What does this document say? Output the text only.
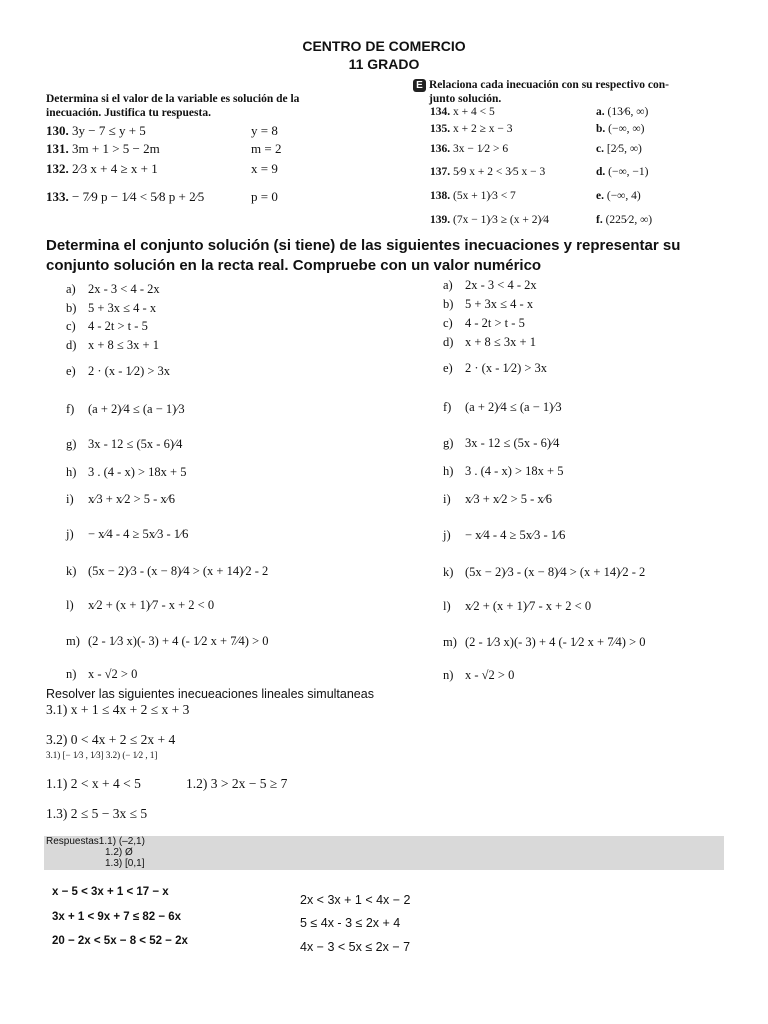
CENTRO DE COMERCIO
11 GRADO
Determina si el valor de la variable es solución de la
inecuación. Justifica tu respuesta.
130. 3y − 7 ≤ y + 5	y = 8
131. 3m + 1 > 5 − 2m	m = 2
132. 2⁄3 x + 4 ≥ x + 1	x = 9
133. − 7⁄9 p − 1⁄4 < 5⁄8 p + 2⁄5	p = 0
E Relaciona cada inecuación con su respectivo con-
junto solución.
134. x + 4 < 5	a. (13⁄6, ∞)
135. x + 2 ≥ x − 3	b. (−∞, ∞)
136. 3x − 1⁄2 > 6	c. [2⁄5, ∞)
137. 5⁄9 x + 2 < 3⁄5 x − 3	d. (−∞, −1)
138. (5x + 1)⁄3 < 7	e. (−∞, 4)
139. (7x − 1)⁄3 ≥ (x + 2)⁄4	f. (225⁄2, ∞)
Determina el conjunto solución (si tiene) de las siguientes inecuaciones y representar su
conjunto solución en la recta real. Compruebe con un valor numérico
a) 2x - 3 < 4 - 2x
b) 5 + 3x ≤ 4 - x
c) 4 - 2t > t - 5
d) x + 8 ≤ 3x + 1
e) 2 · (x - 1⁄2) > 3x
f) (a + 2)⁄4 ≤ (a − 1)⁄3
g) 3x - 12 ≤ (5x - 6)⁄4
h) 3 . (4 - x) > 18x + 5
i) x⁄3 + x⁄2 > 5 - x⁄6
j) − x⁄4 - 4 ≥ 5x⁄3 - 1⁄6
k) (5x − 2)⁄3 - (x − 8)⁄4 > (x + 14)⁄2 - 2
l) x⁄2 + (x + 1)⁄7 - x + 2 < 0
m) (2 - 1⁄3 x)(- 3) + 4 (- 1⁄2 x + 7⁄4) > 0
n) x - √2 > 0
a) 2x - 3 < 4 - 2x
b) 5 + 3x ≤ 4 - x
c) 4 - 2t > t - 5
d) x + 8 ≤ 3x + 1
e) 2 · (x - 1⁄2) > 3x
f) (a + 2)⁄4 ≤ (a − 1)⁄3
g) 3x - 12 ≤ (5x - 6)⁄4
h) 3 . (4 - x) > 18x + 5
i) x⁄3 + x⁄2 > 5 - x⁄6
j) − x⁄4 - 4 ≥ 5x⁄3 - 1⁄6
k) (5x − 2)⁄3 - (x − 8)⁄4 > (x + 14)⁄2 - 2
l) x⁄2 + (x + 1)⁄7 - x + 2 < 0
m) (2 - 1⁄3 x)(- 3) + 4 (- 1⁄2 x + 7⁄4) > 0
n) x - √2 > 0
Resolver las siguientes inecueaciones lineales simultaneas
3.1) x + 1 ≤ 4x + 2 ≤ x + 3
3.2) 0 < 4x + 2 ≤ 2x + 4
3.1) [− 1⁄3 , 1⁄3] 3.2) (− 1⁄2 , 1]
1.1) 2 < x + 4 < 5	1.2) 3 > 2x − 5 ≥ 7
1.3) 2 ≤ 5 − 3x ≤ 5
Respuestas1.1) (–2,1)
1.2) Ø
1.3) [0,1]
x − 5 < 3x + 1 < 17 − x
3x + 1 < 9x + 7 ≤ 82 − 6x
20 − 2x < 5x − 8 < 52 − 2x
2x < 3x + 1 < 4x − 2
5 ≤ 4x - 3 ≤ 2x + 4
4x − 3 < 5x ≤ 2x − 7
